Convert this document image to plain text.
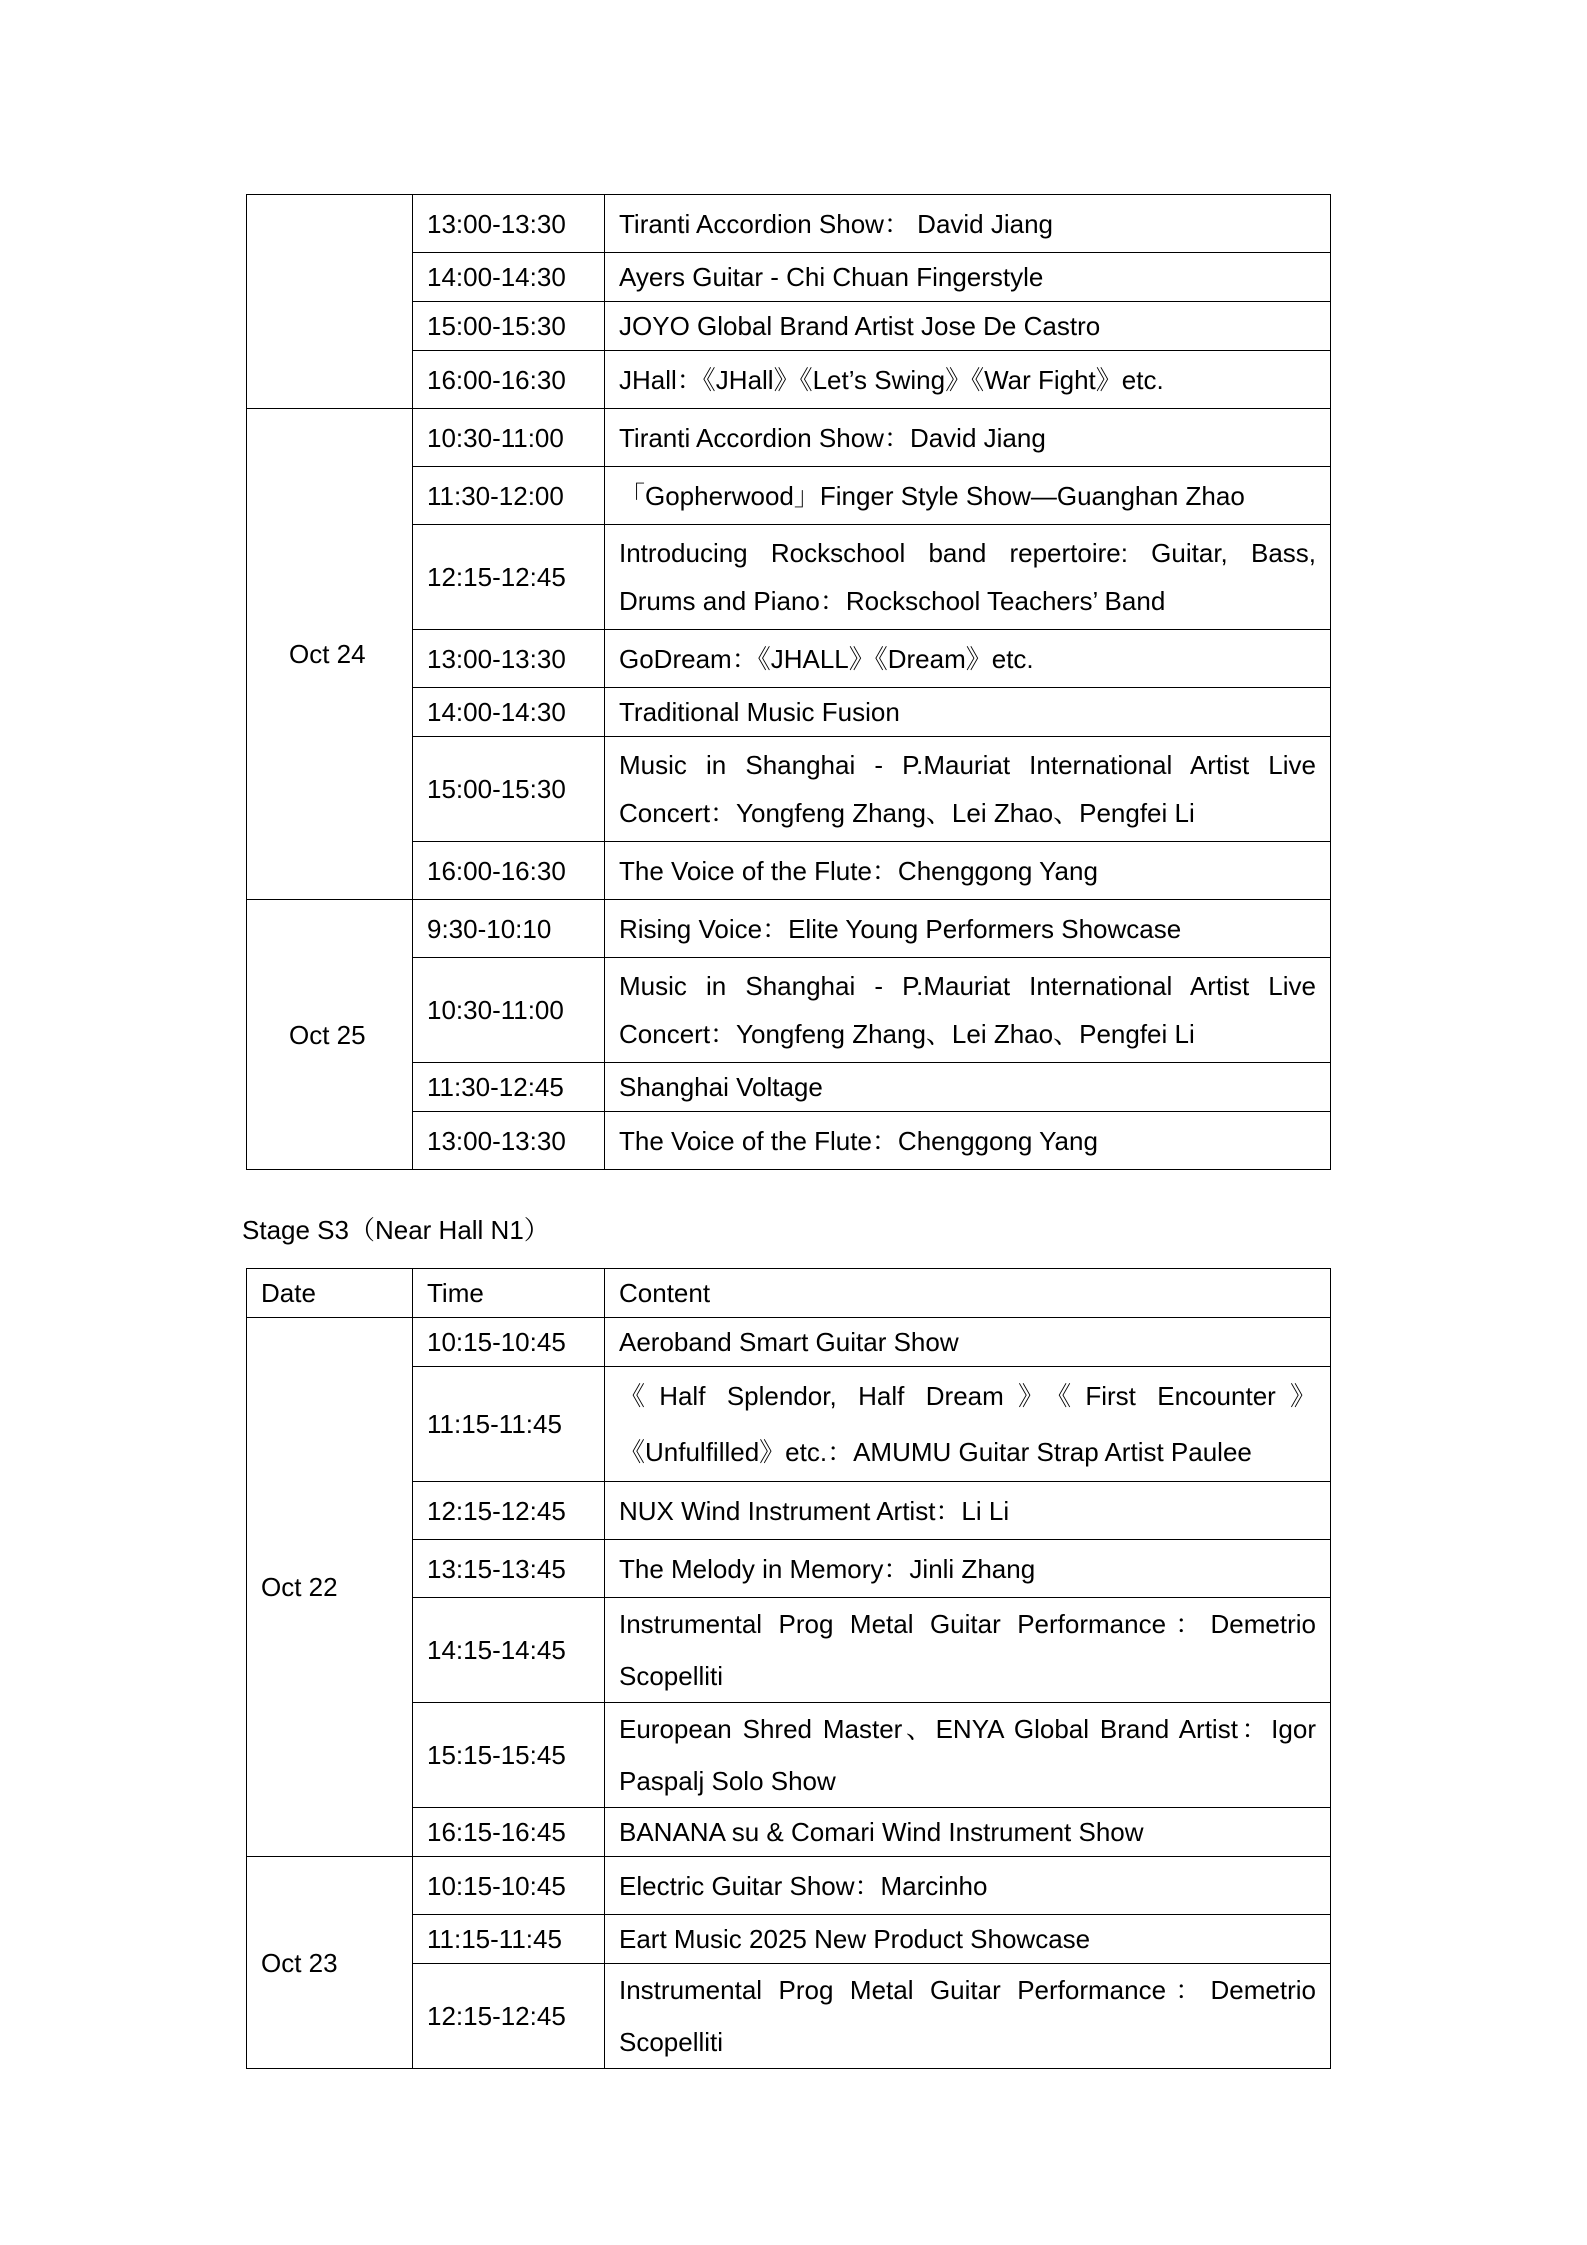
	13:00-13:30	Tiranti Accordion Show： David Jiang
	14:00-14:30	Ayers Guitar - Chi Chuan Fingerstyle
	15:00-15:30	JOYO Global Brand Artist Jose De Castro
	16:00-16:30	JHall：《JHall》《Let’s Swing》《War Fight》etc.
Oct 24	10:30-11:00	Tiranti Accordion Show：David Jiang
	11:30-12:00	「Gopherwood」Finger Style Show—Guanghan Zhao
	12:15-12:45	Introducing Rockschool band repertoire: Guitar, Bass, Drums and Piano：Rockschool Teachers’ Band
	13:00-13:30	GoDream：《JHALL》《Dream》etc.
	14:00-14:30	Traditional Music Fusion
	15:00-15:30	Music in Shanghai - P.Mauriat International Artist Live Concert：Yongfeng Zhang、Lei Zhao、Pengfei Li
	16:00-16:30	The Voice of the Flute：Chenggong Yang
Oct 25	9:30-10:10	Rising Voice：Elite Young Performers Showcase
	10:30-11:00	Music in Shanghai - P.Mauriat International Artist Live Concert：Yongfeng Zhang、Lei Zhao、Pengfei Li
	11:30-12:45	Shanghai Voltage
	13:00-13:30	The Voice of the Flute：Chenggong Yang
Stage S3（Near Hall N1）
Date	Time	Content
Oct 22	10:15-10:45	Aeroband Smart Guitar Show
	11:15-11:45	《Half Splendor, Half Dream》《First Encounter》《Unfulfilled》etc.：AMUMU Guitar Strap Artist Paulee
	12:15-12:45	NUX Wind Instrument Artist：Li Li
	13:15-13:45	The Melody in Memory：Jinli Zhang
	14:15-14:45	Instrumental Prog Metal Guitar Performance：Demetrio Scopelliti
	15:15-15:45	European Shred Master、ENYA Global Brand Artist：Igor Paspalj Solo Show
	16:15-16:45	BANANA su & Comari Wind Instrument Show
Oct 23	10:15-10:45	Electric Guitar Show：Marcinho
	11:15-11:45	Eart Music 2025 New Product Showcase
	12:15-12:45	Instrumental Prog Metal Guitar Performance：Demetrio Scopelliti
